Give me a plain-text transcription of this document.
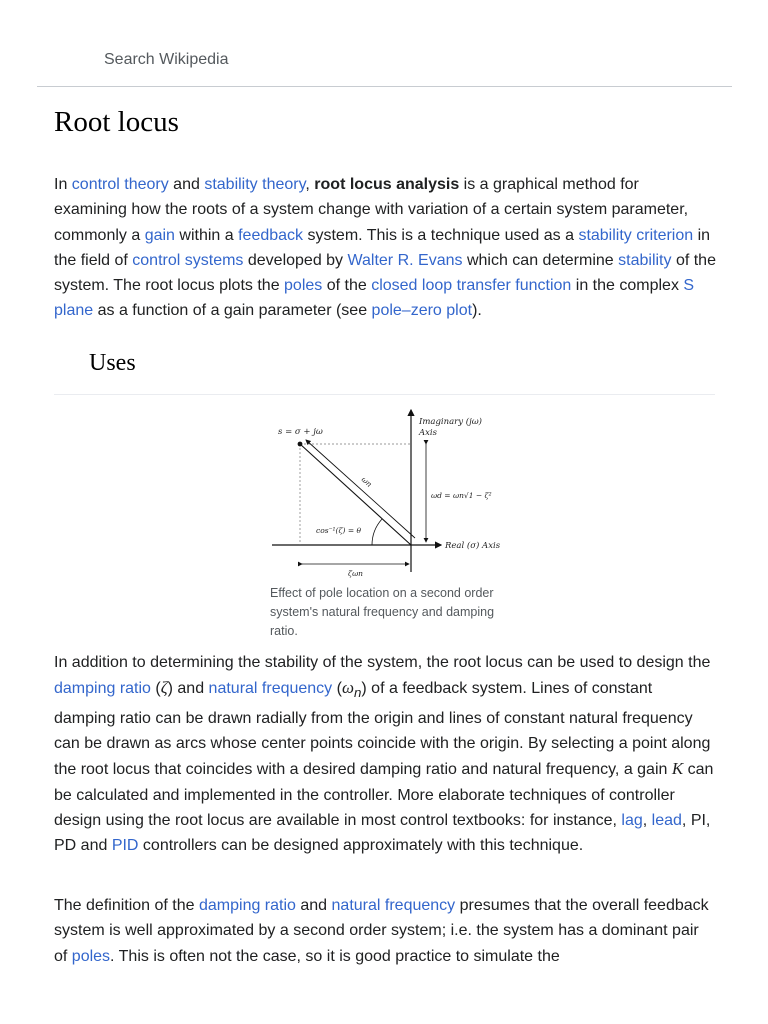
Search Wikipedia
Root locus

In control theory and stability theory, root locus analysis is a graphical method for examining how the roots of a system change with variation of a certain system parameter, commonly a gain within a feedback system. This is a technique used as a stability criterion in the field of control systems developed by Walter R. Evans which can determine stability of the system. The root locus plots the poles of the closed loop transfer function in the complex S plane as a function of a gain parameter (see pole–zero plot).

Uses
s = σ + jω
Imaginary (jω)
Axis
ωn
ωd = ωn√1 − ζ²
cos⁻¹(ζ) = θ
Real (σ) Axis
ζωn
Effect of pole location on a second order system's natural frequency and damping ratio.

In addition to determining the stability of the system, the root locus can be used to design the damping ratio (ζ) and natural frequency $(\omega_n)$ of a feedback system. Lines of constant damping ratio can be drawn radially from the origin and lines of constant natural frequency can be drawn as arcs whose center points coincide with the origin. By selecting a point along the root locus that coincides with a desired damping ratio and natural frequency, a gain K can be calculated and implemented in the controller. More elaborate techniques of controller design using the root locus are available in most control textbooks: for instance, lag, lead, PI, PD and PID controllers can be designed approximately with this technique.

The definition of the damping ratio and natural frequency presumes that the overall feedback system is well approximated by a second order system; i.e. the system has a dominant pair of poles. This is often not the case, so it is good practice to simulate the
